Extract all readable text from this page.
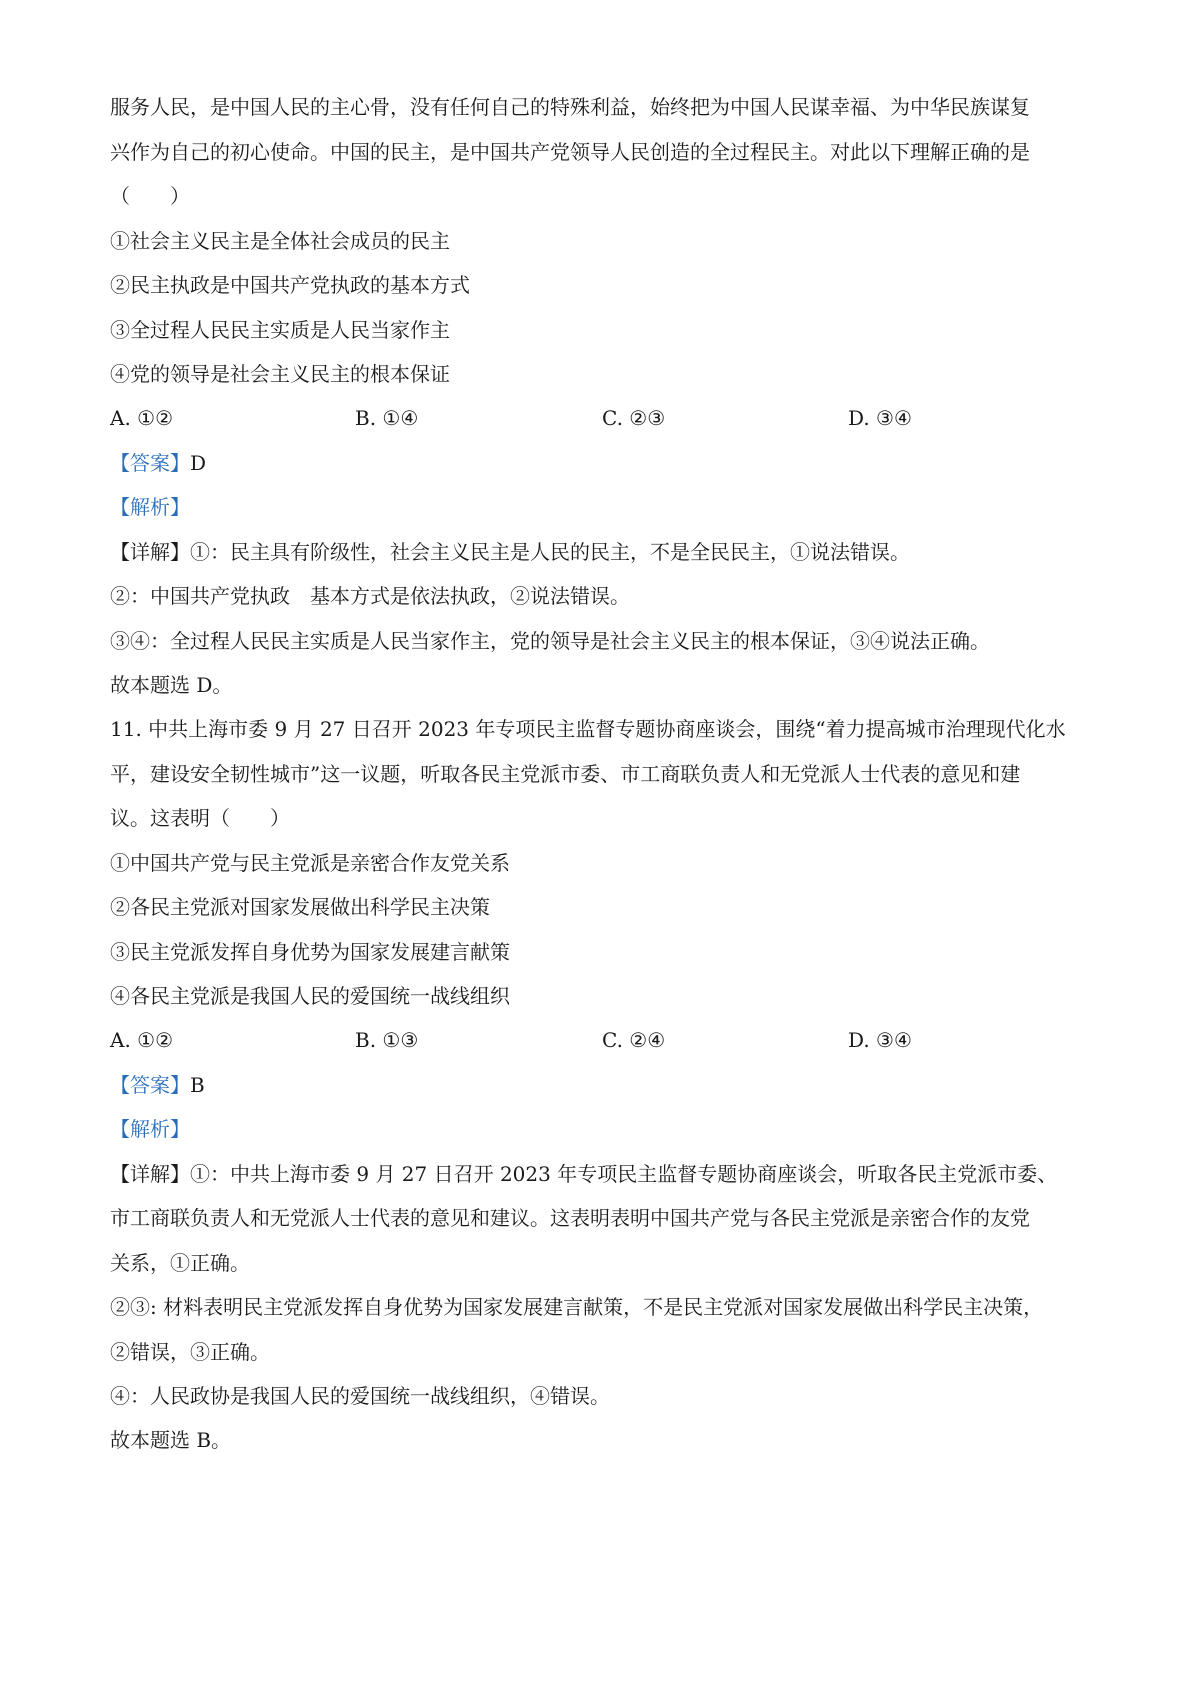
服务人民，是中国人民的主心骨，没有任何自己的特殊利益，始终把为中国人民谋幸福、为中华民族谋复
兴作为自己的初心使命。中国的民主，是中国共产党领导人民创造的全过程民主。对此以下理解正确的是
（　　）
①社会主义民主是全体社会成员的民主
②民主执政是中国共产党执政的基本方式
③全过程人民民主实质是人民当家作主
④党的领导是社会主义民主的根本保证
A. ①②	B. ①④	C. ②③	D. ③④
【答案】D
【解析】
【详解】①：民主具有阶级性，社会主义民主是人民的民主，不是全民民主，①说法错误。
②：中国共产党执政　基本方式是依法执政，②说法错误。
③④：全过程人民民主实质是人民当家作主，党的领导是社会主义民主的根本保证，③④说法正确。
故本题选 D。
11. 中共上海市委 9 月 27 日召开 2023 年专项民主监督专题协商座谈会，围绕“着力提高城市治理现代化水
平，建设安全韧性城市”这一议题，听取各民主党派市委、市工商联负责人和无党派人士代表的意见和建
议。这表明（　　）
①中国共产党与民主党派是亲密合作友党关系
②各民主党派对国家发展做出科学民主决策
③民主党派发挥自身优势为国家发展建言献策
④各民主党派是我国人民的爱国统一战线组织
A. ①②	B. ①③	C. ②④	D. ③④
【答案】B
【解析】
【详解】①：中共上海市委 9 月 27 日召开 2023 年专项民主监督专题协商座谈会，听取各民主党派市委、
市工商联负责人和无党派人士代表的意见和建议。这表明表明中国共产党与各民主党派是亲密合作的友党
关系，①正确。
②③: 材料表明民主党派发挥自身优势为国家发展建言献策，不是民主党派对国家发展做出科学民主决策，
②错误，③正确。
④：人民政协是我国人民的爱国统一战线组织，④错误。
故本题选 B。
